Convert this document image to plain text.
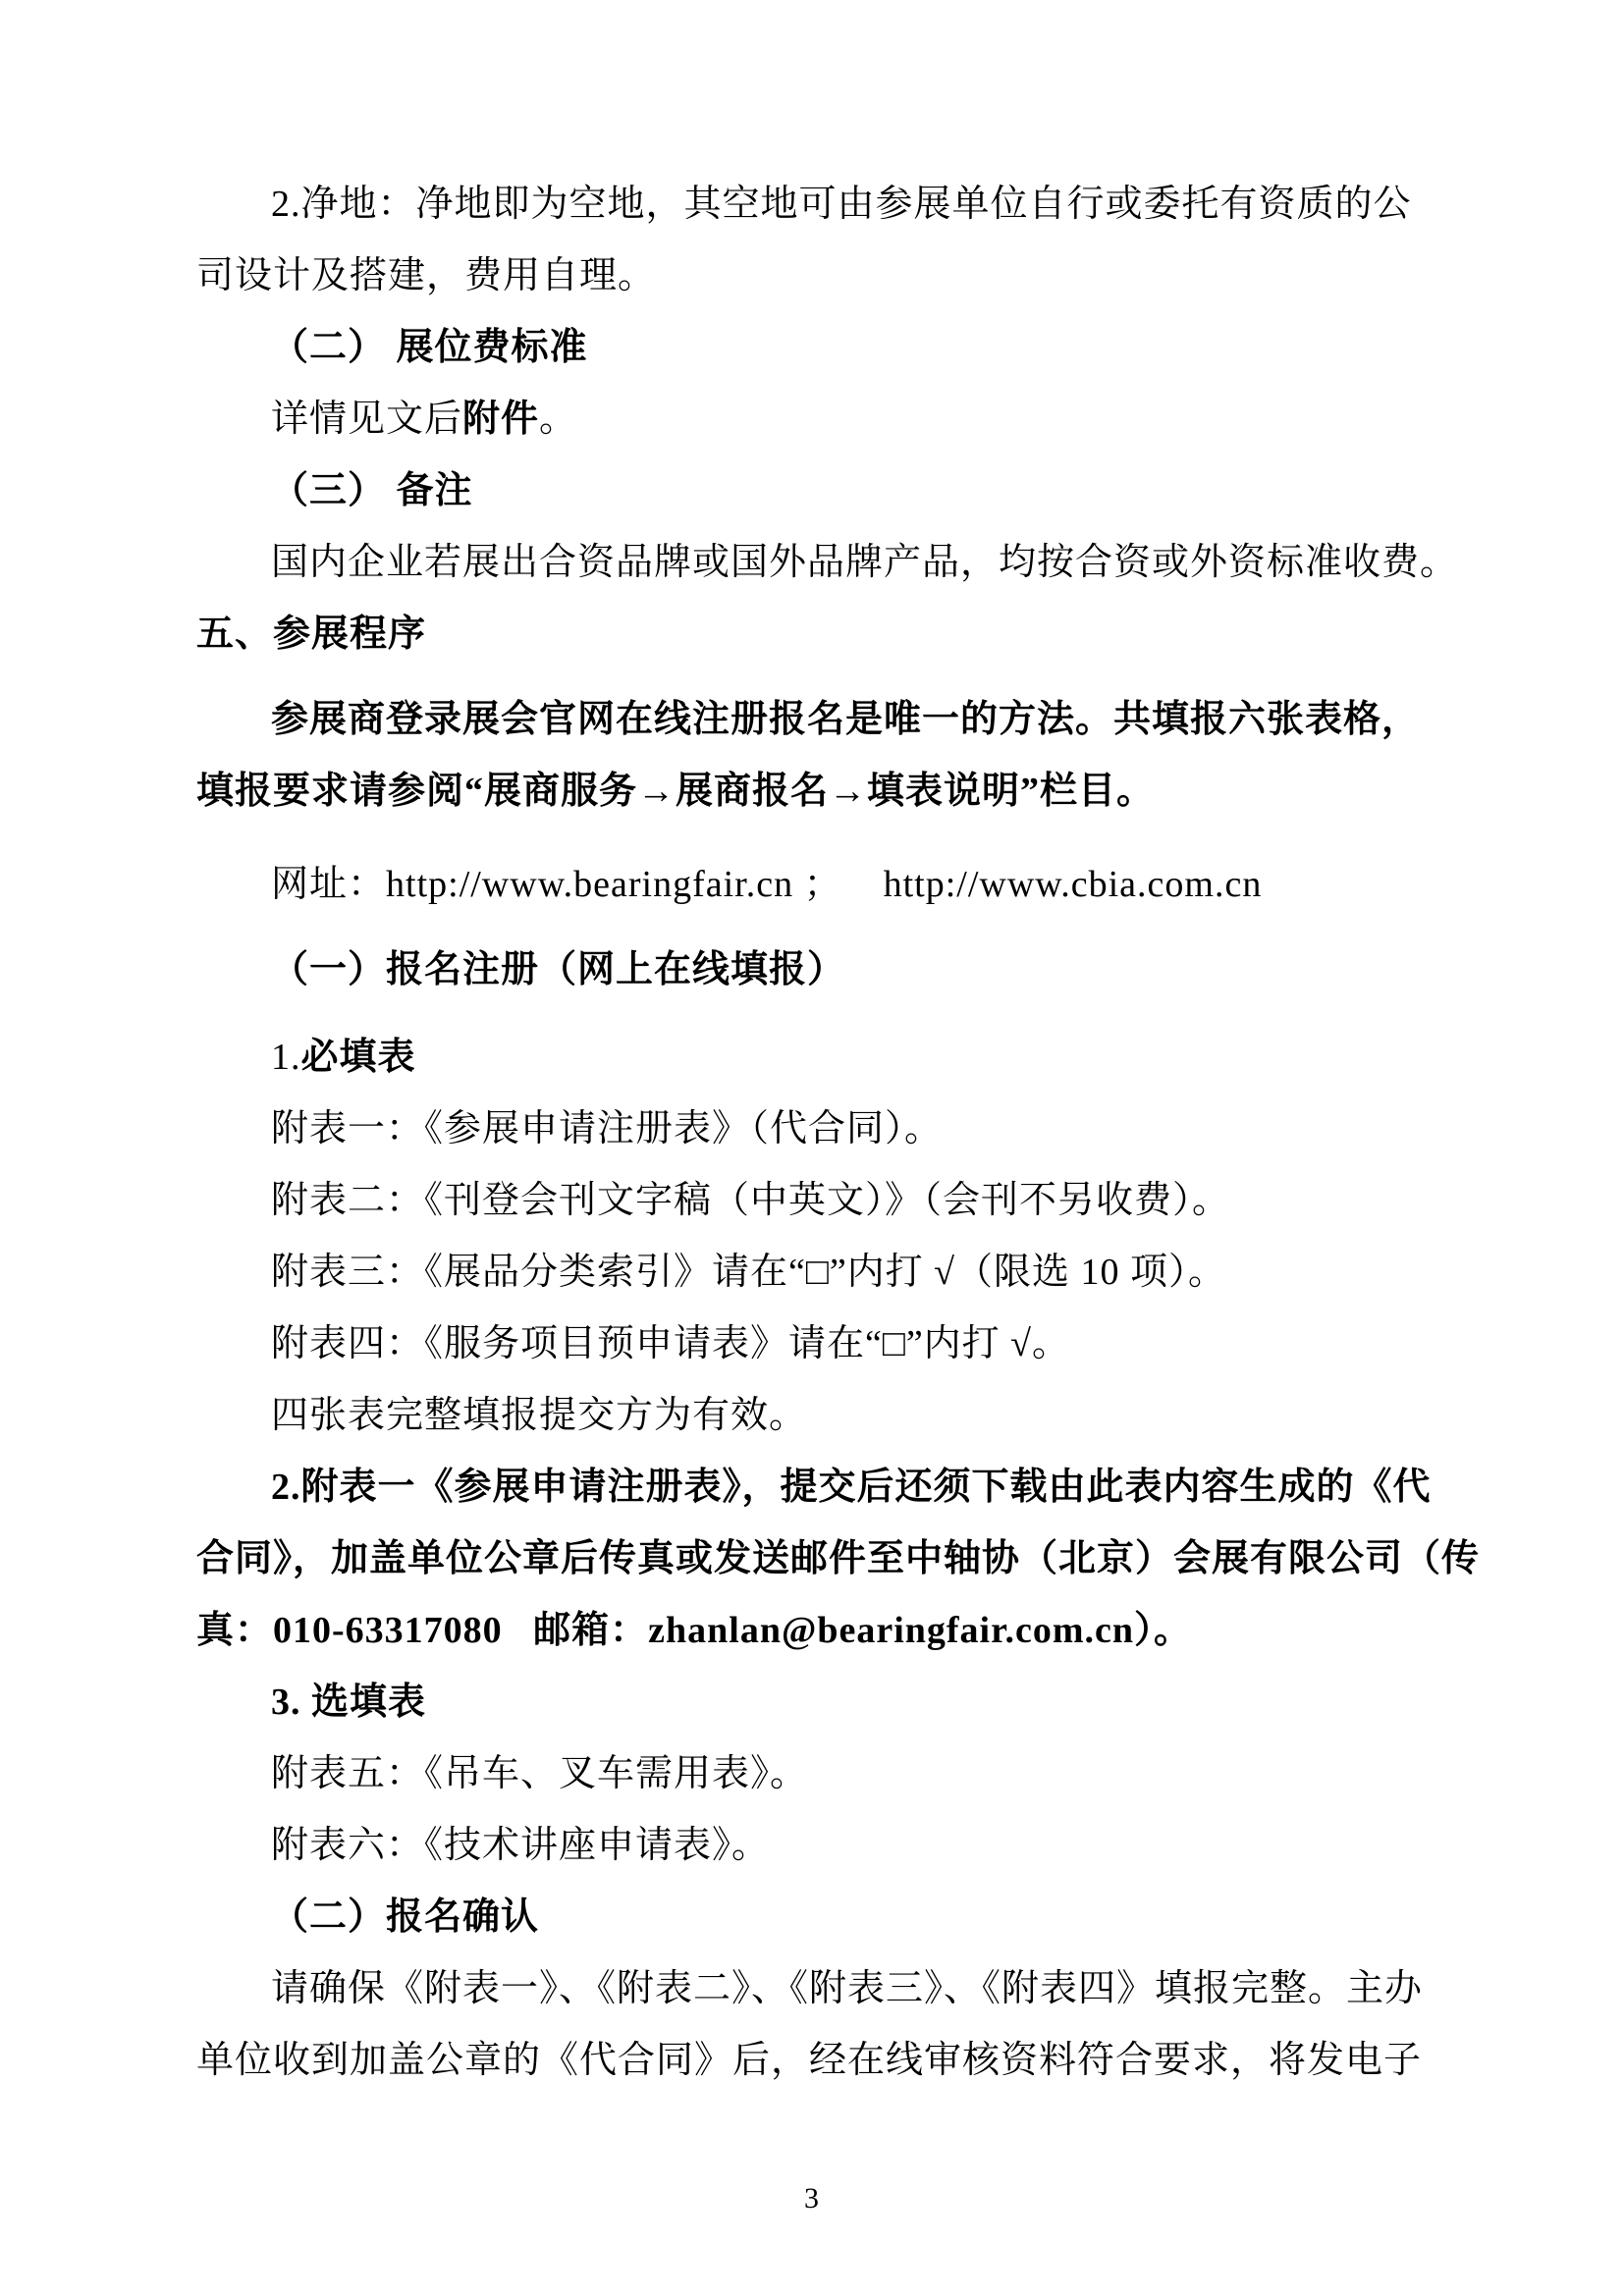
2.净地：净地即为空地，其空地可由参展单位自行或委托有资质的公
司设计及搭建，费用自理。
（二） 展位费标准
详情见文后附件。
（三） 备注
国内企业若展出合资品牌或国外品牌产品，均按合资或外资标准收费。
五、参展程序
参展商登录展会官网在线注册报名是唯一的方法。共填报六张表格，
填报要求请参阅“展商服务→展商报名→填表说明”栏目。
网址：http://www.bearingfair.cn ；    http://www.cbia.com.cn
（一）报名注册（网上在线填报）
1.必填表
附表一：《参展申请注册表》（代合同）。
附表二：《刊登会刊文字稿（中英文）》（会刊不另收费）。
附表三：《展品分类索引》请在“□”内打 √（限选 10 项）。
附表四：《服务项目预申请表》请在“□”内打 √。
四张表完整填报提交方为有效。
2.附表一《参展申请注册表》，提交后还须下载由此表内容生成的《代
合同》，加盖单位公章后传真或发送邮件至中轴协（北京）会展有限公司（传
真：010-63317080   邮箱：zhanlan@bearingfair.com.cn）。
3. 选填表
附表五：《吊车、叉车需用表》。
附表六：《技术讲座申请表》。
（二）报名确认
请确保《附表一》、《附表二》、《附表三》、《附表四》填报完整。主办
单位收到加盖公章的《代合同》后，经在线审核资料符合要求，将发电子
3
